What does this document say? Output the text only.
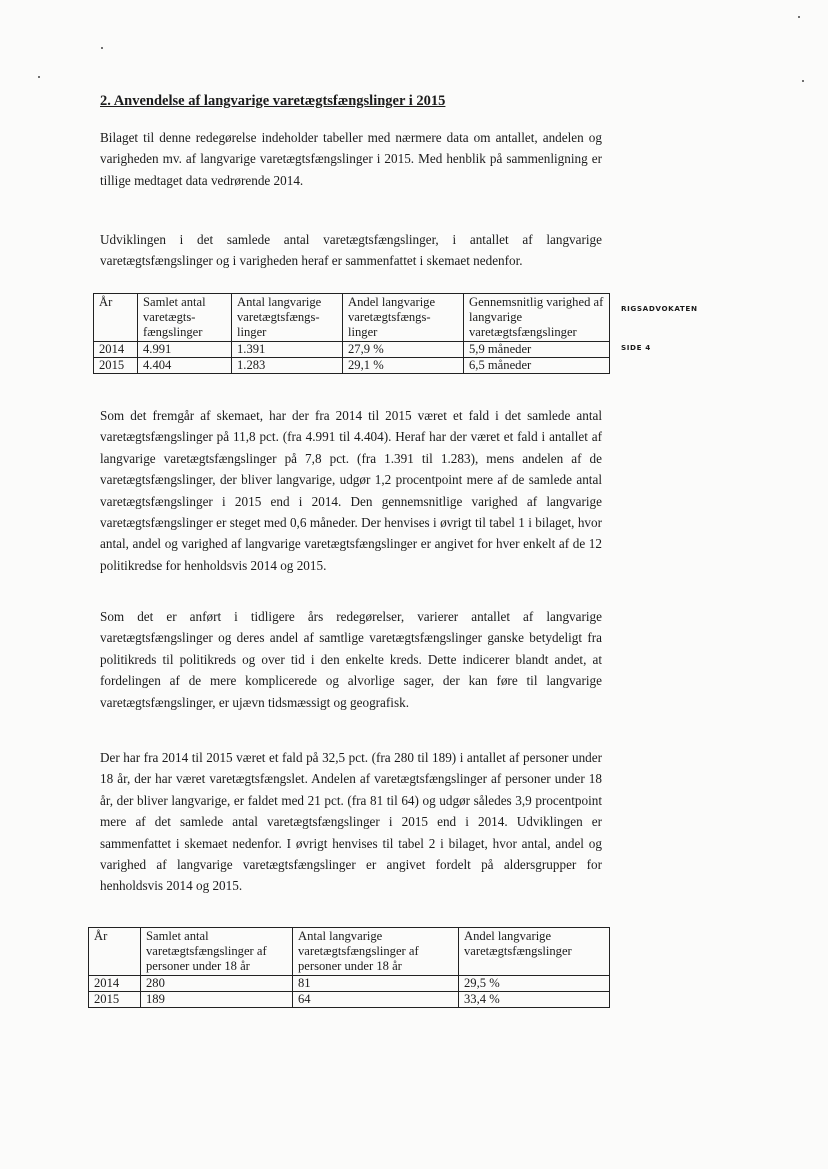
2. Anvendelse af langvarige varetægtsfængslinger i 2015

Bilaget til denne redegørelse indeholder tabeller med nærmere data om antallet, andelen og varigheden mv. af langvarige varetægtsfængslinger i 2015. Med henblik på sammenligning er tillige medtaget data vedrørende 2014.

Udviklingen i det samlede antal varetægtsfængslinger, i antallet af langvarige varetægtsfængslinger og i varigheden heraf er sammenfattet i skemaet nedenfor.

År	Samlet antal varetægts-fængslinger	Antal langvarige varetægtsfængs-linger	Andel langvarige varetægtsfængs-linger	Gennemsnitlig varighed af langvarige varetægtsfængslinger
2014	4.991	1.391	27,9 %	5,9 måneder
2015	4.404	1.283	29,1 %	6,5 måneder
RIGSADVOKATEN
SIDE 4

Som det fremgår af skemaet, har der fra 2014 til 2015 været et fald i det samlede antal varetægtsfængslinger på 11,8 pct. (fra 4.991 til 4.404). Heraf har der været et fald i antallet af langvarige varetægtsfængslinger på 7,8 pct. (fra 1.391 til 1.283), mens andelen af de varetægtsfængslinger, der bliver langvarige, udgør 1,2 procentpoint mere af de samlede antal varetægtsfængslinger i 2015 end i 2014. Den gennemsnitlige varighed af langvarige varetægtsfængslinger er steget med 0,6 måneder. Der henvises i øvrigt til tabel 1 i bilaget, hvor antal, andel og varighed af langvarige varetægtsfængslinger er angivet for hver enkelt af de 12 politikredse for henholdsvis 2014 og 2015.

Som det er anført i tidligere års redegørelser, varierer antallet af langvarige varetægtsfængslinger og deres andel af samtlige varetægtsfængslinger ganske betydeligt fra politikreds til politikreds og over tid i den enkelte kreds. Dette indicerer blandt andet, at fordelingen af de mere komplicerede og alvorlige sager, der kan føre til langvarige varetægtsfængslinger, er ujævn tidsmæssigt og geografisk.

Der har fra 2014 til 2015 været et fald på 32,5 pct. (fra 280 til 189) i antallet af personer under 18 år, der har været varetægtsfængslet. Andelen af varetægtsfængslinger af personer under 18 år, der bliver langvarige, er faldet med 21 pct. (fra 81 til 64) og udgør således 3,9 procentpoint mere af det samlede antal varetægtsfængslinger i 2015 end i 2014. Udviklingen er sammenfattet i skemaet nedenfor. I øvrigt henvises til tabel 2 i bilaget, hvor antal, andel og varighed af langvarige varetægtsfængslinger er angivet fordelt på aldersgrupper for henholdsvis 2014 og 2015.

År	Samlet antal varetægtsfængslinger af personer under 18 år	Antal langvarige varetægtsfængslinger af personer under 18 år	Andel langvarige varetægtsfængslinger
2014	280	81	29,5 %
2015	189	64	33,4 %
